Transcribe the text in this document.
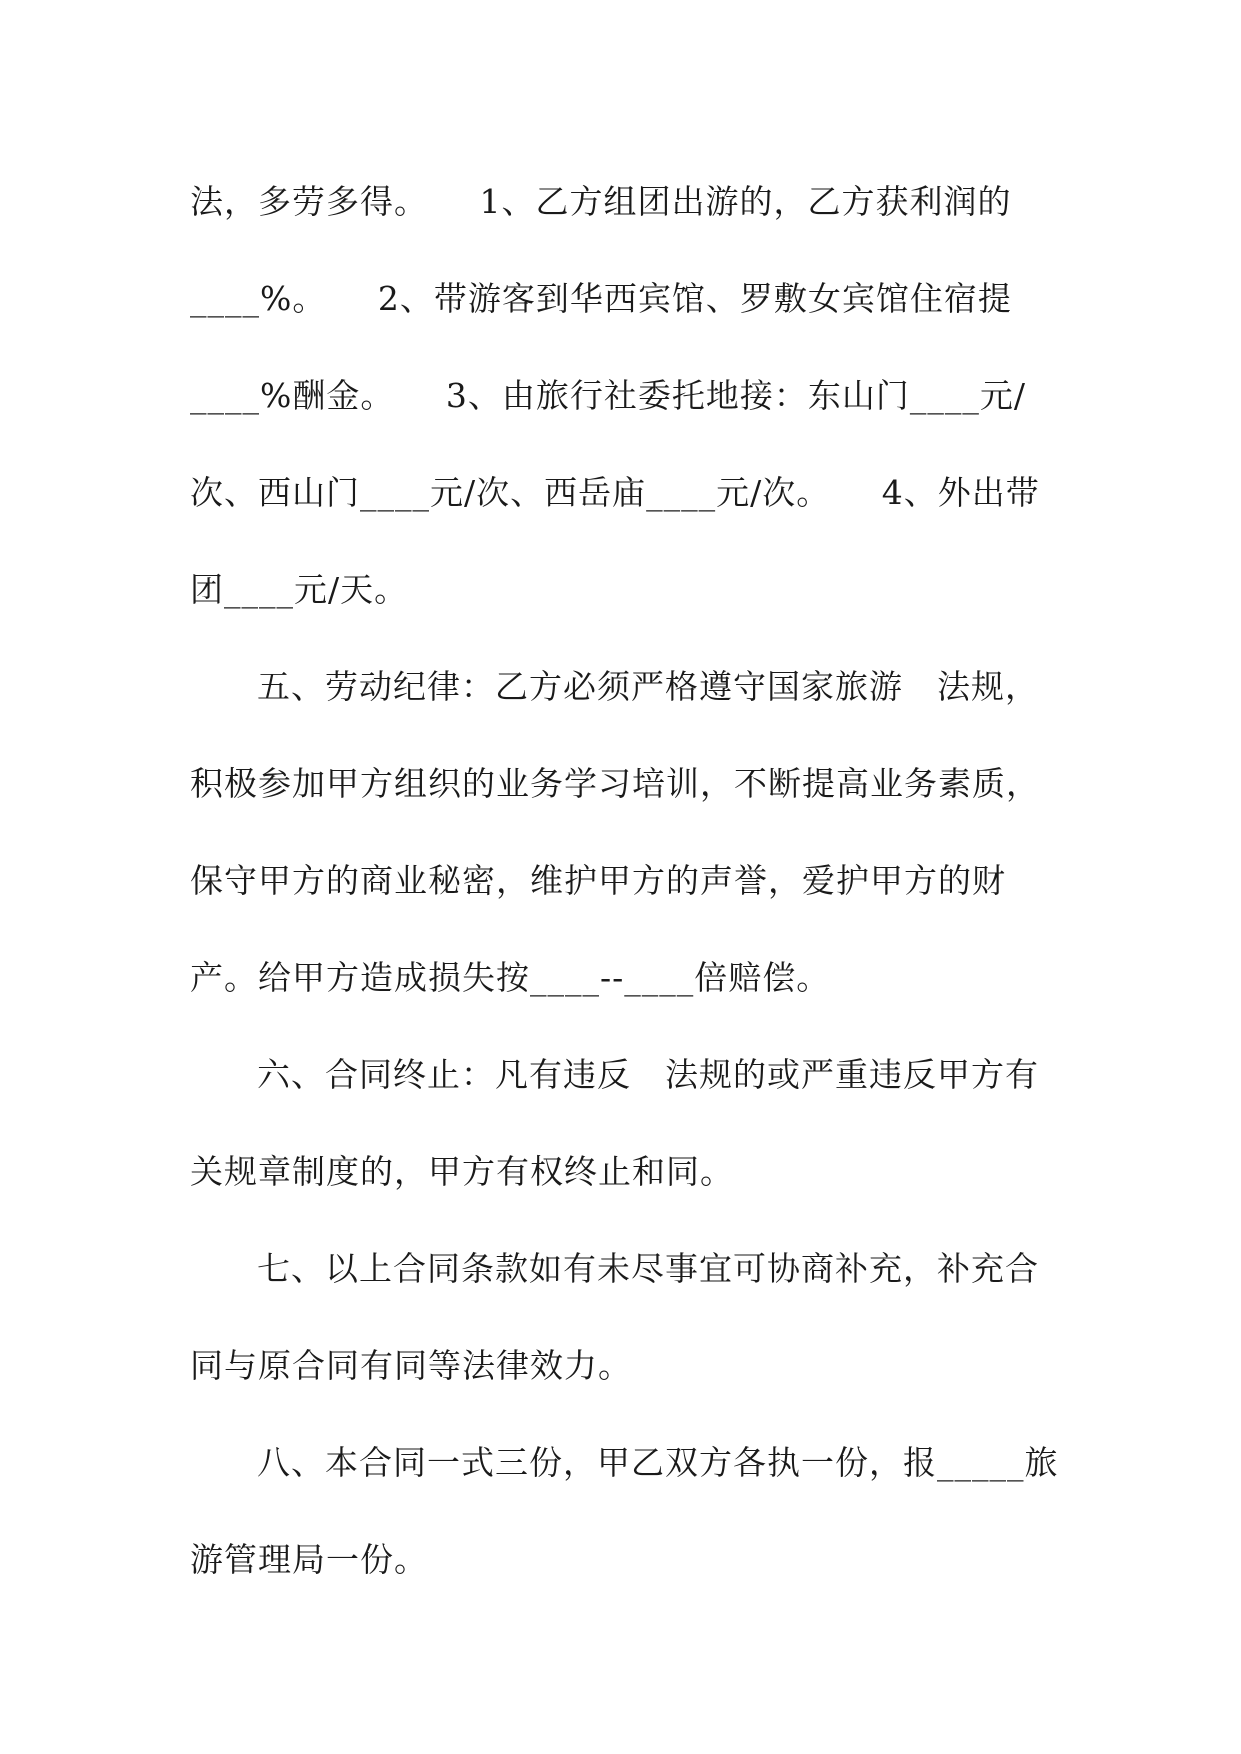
法，多劳多得。　　1、乙方组团出游的，乙方获利润的
____%。　　2、带游客到华西宾馆、罗敷女宾馆住宿提
____%酬金。　　3、由旅行社委托地接：东山门____元/
次、西山门____元/次、西岳庙____元/次。　　4、外出带
团____元/天。
五、劳动纪律：乙方必须严格遵守国家旅游　法规，
积极参加甲方组织的业务学习培训，不断提高业务素质，
保守甲方的商业秘密，维护甲方的声誉，爱护甲方的财
产。给甲方造成损失按____--____倍赔偿。
六、合同终止：凡有违反　法规的或严重违反甲方有
关规章制度的，甲方有权终止和同。
七、以上合同条款如有未尽事宜可协商补充，补充合
同与原合同有同等法律效力。
八、本合同一式三份，甲乙双方各执一份，报_____旅
游管理局一份。
